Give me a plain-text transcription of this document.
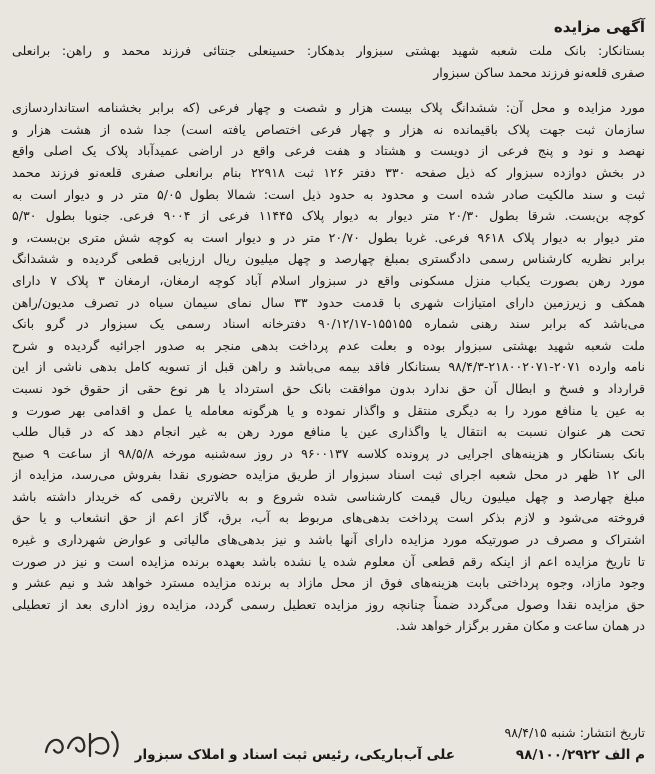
آگهی مزایده
بستانکار: بانک ملت شعبه شهید بهشتی سبزوار بدهکار: حسینعلی جنتائی فرزند محمد و راهن: برانعلی
صفری قلعه‌نو فرزند محمد ساکن سبزوار
مورد مزایده و محل آن: ششدانگ پلاک بیست هزار و شصت و چهار فرعی (که برابر بخشنامه استانداردسازی
سازمان ثبت جهت پلاک باقیمانده نه هزار و چهار فرعی اختصاص یافته است) جدا شده از هشت هزار و
نهصد و نود و پنج فرعی از دویست و هشتاد و هفت فرعی واقع در اراضی عمیدآباد پلاک یک اصلی واقع
در بخش دوازده سبزوار که ذیل صفحه ۳۳۰ دفتر ۱۲۶ ثبت ۲۲۹۱۸ بنام برانعلی صفری قلعه‌نو فرزند محمد
ثبت و سند مالکیت صادر شده است و محدود به حدود ذیل است: شمالا بطول ۵/۰۵ متر در و دیوار است به
کوچه بن‌بست. شرقا بطول ۲۰/۳۰ متر دیوار به دیوار پلاک ۱۱۴۴۵ فرعی از ۹۰۰۴ فرعی. جنوبا بطول ۵/۳۰
متر دیوار به دیوار پلاک ۹۶۱۸ فرعی. غربا بطول ۲۰/۷۰ متر در و دیوار است به کوچه شش متری بن‌بست، و
برابر نظریه کارشناس رسمی دادگستری بمبلغ چهارصد و چهل میلیون ریال ارزیابی قطعی گردیده و ششدانگ
مورد رهن بصورت یکباب منزل مسکونی واقع در سبزوار اسلام آباد کوچه ارمغان، ارمغان ۳ پلاک ۷ دارای
همکف و زیرزمین دارای امتیازات شهری با قدمت حدود ۳۳ سال نمای سیمان سیاه در تصرف مدیون/راهن
می‌باشد که برابر سند رهنی شماره ۱۵۵۱۵۵-۹۰/۱۲/۱۷ دفترخانه اسناد رسمی یک سبزوار در گرو بانک
ملت شعبه شهید بهشتی سبزوار بوده و بعلت عدم پرداخت بدهی منجر به صدور اجرائیه گردیده و شرح
نامه وارده ۲۰۷۱-۲۱۸۰۰۲۰۷۱-۹۸/۴/۳ بستانکار فاقد بیمه می‌باشد و راهن قبل از تسویه کامل بدهی ناشی از این
قرارداد و فسخ و ابطال آن حق ندارد بدون موافقت بانک حق استرداد یا هر نوع حقی از حقوق خود نسبت
به عین یا منافع مورد را به دیگری منتقل و واگذار نموده و یا هرگونه معامله یا عمل و اقدامی بهر صورت و
تحت هر عنوان نسبت به انتقال یا واگذاری عین یا منافع مورد رهن به غیر انجام دهد که در قبال طلب
بانک بستانکار و هزینه‌های اجرایی در پرونده کلاسه ۹۶۰۰۱۳۷ در روز سه‌شنبه مورخه ۹۸/۵/۸ از ساعت ۹ صبح
الی ۱۲ ظهر در محل شعبه اجرای ثبت اسناد سبزوار از طریق مزایده حضوری نقدا بفروش می‌رسد، مزایده از
مبلغ چهارصد و چهل میلیون ریال قیمت کارشناسی شده شروع و به بالاترین رقمی که خریدار داشته باشد
فروخته می‌شود و لازم بذکر است پرداخت بدهی‌های مربوط به آب، برق، گاز اعم از حق انشعاب و یا حق
اشتراک و مصرف در صورتیکه مورد مزایده دارای آنها باشد و نیز بدهی‌های مالیاتی و عوارض شهرداری و غیره
تا تاریخ مزایده اعم از اینکه رقم قطعی آن معلوم شده یا نشده باشد بعهده برنده مزایده است و نیز در صورت
وجود مازاد، وجوه پرداختی بابت هزینه‌های فوق از محل مازاد به برنده مزایده مسترد خواهد شد و نیم عشر و
حق مزایده نقدا وصول می‌گردد ضمناً چنانچه روز مزایده تعطیل رسمی گردد، مزایده روز اداری بعد از تعطیلی
در همان ساعت و مکان مقرر برگزار خواهد شد.
تاریخ انتشار: شنبه ۹۸/۴/۱۵
م الف ۹۸/۱۰۰/۲۹۲۲
علی آب‌باریکی، رئیس ثبت اسناد و املاک سبزوار
